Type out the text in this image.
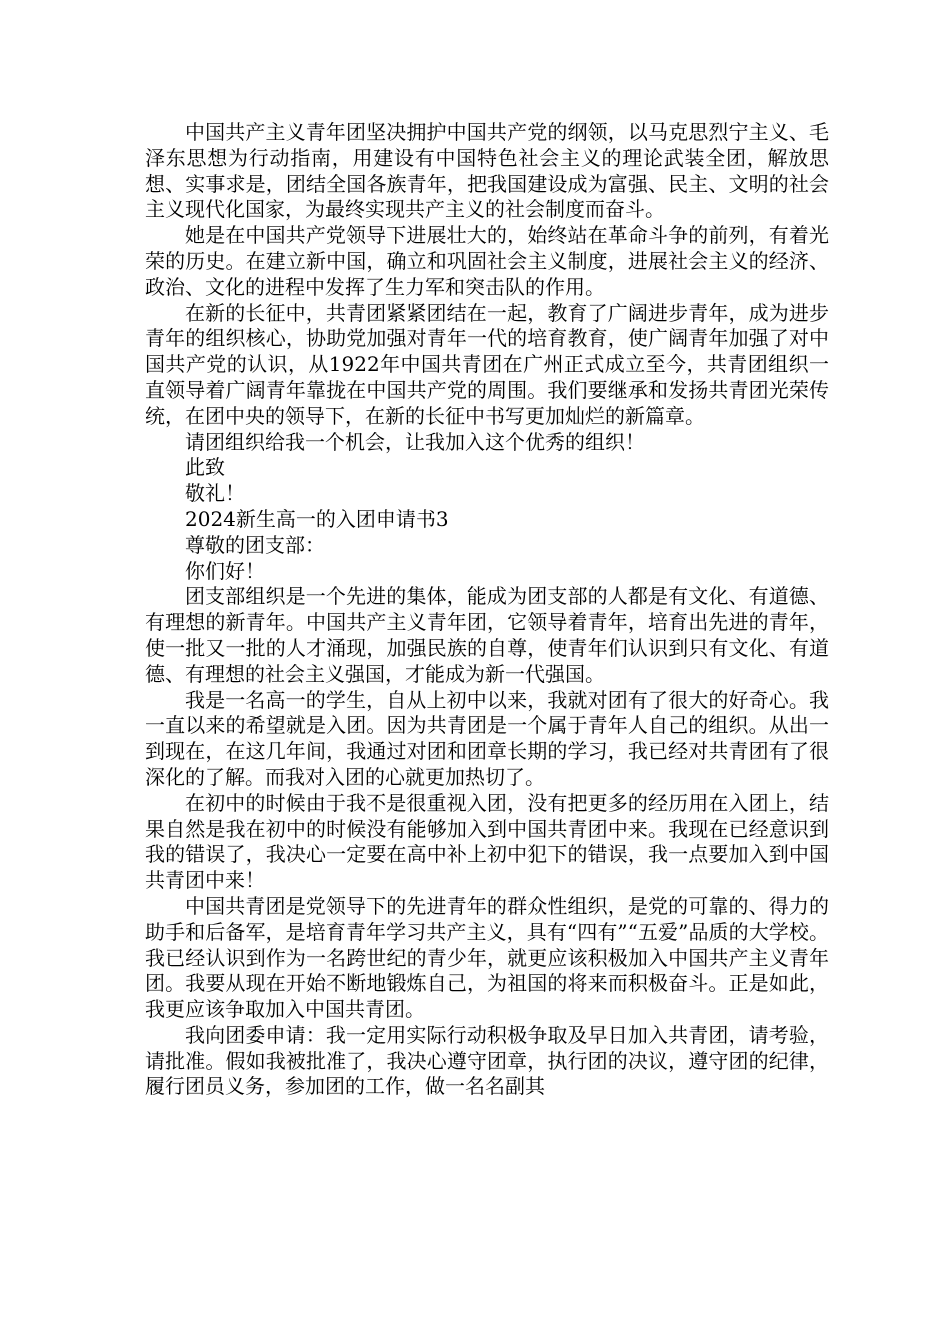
中国共产主义青年团坚决拥护中国共产党的纲领，以马克思烈宁主义、毛泽东思想为行动指南，用建设有中国特色社会主义的理论武装全团，解放思想、实事求是，团结全国各族青年，把我国建设成为富强、民主、文明的社会主义现代化国家，为最终实现共产主义的社会制度而奋斗。

她是在中国共产党领导下进展壮大的，始终站在革命斗争的前列，有着光荣的历史。在建立新中国，确立和巩固社会主义制度，进展社会主义的经济、政治、文化的进程中发挥了生力军和突击队的作用。

在新的长征中，共青团紧紧团结在一起，教育了广阔进步青年，成为进步青年的组织核心，协助党加强对青年一代的培育教育，使广阔青年加强了对中国共产党的认识，从1922年中国共青团在广州正式成立至今，共青团组织一直领导着广阔青年靠拢在中国共产党的周围。我们要继承和发扬共青团光荣传统，在团中央的领导下，在新的长征中书写更加灿烂的新篇章。

请团组织给我一个机会，让我加入这个优秀的组织！

此致

敬礼！

2024新生高一的入团申请书3

尊敬的团支部：

你们好！

团支部组织是一个先进的集体，能成为团支部的人都是有文化、有道德、有理想的新青年。中国共产主义青年团，它领导着青年，培育出先进的青年，使一批又一批的人才涌现，加强民族的自尊，使青年们认识到只有文化、有道德、有理想的社会主义强国，才能成为新一代强国。

我是一名高一的学生，自从上初中以来，我就对团有了很大的好奇心。我一直以来的希望就是入团。因为共青团是一个属于青年人自己的组织。从出一到现在，在这几年间，我通过对团和团章长期的学习，我已经对共青团有了很深化的了解。而我对入团的心就更加热切了。

在初中的时候由于我不是很重视入团，没有把更多的经历用在入团上，结果自然是我在初中的时候没有能够加入到中国共青团中来。我现在已经意识到我的错误了，我决心一定要在高中补上初中犯下的错误，我一点要加入到中国共青团中来！

中国共青团是党领导下的先进青年的群众性组织，是党的可靠的、得力的助手和后备军，是培育青年学习共产主义，具有“四有”“五爱”品质的大学校。我已经认识到作为一名跨世纪的青少年，就更应该积极加入中国共产主义青年团。我要从现在开始不断地锻炼自己，为祖国的将来而积极奋斗。正是如此，我更应该争取加入中国共青团。

我向团委申请：我一定用实际行动积极争取及早日加入共青团，请考验，请批准。假如我被批准了，我决心遵守团章，执行团的决议，遵守团的纪律，履行团员义务，参加团的工作，做一名名副其
